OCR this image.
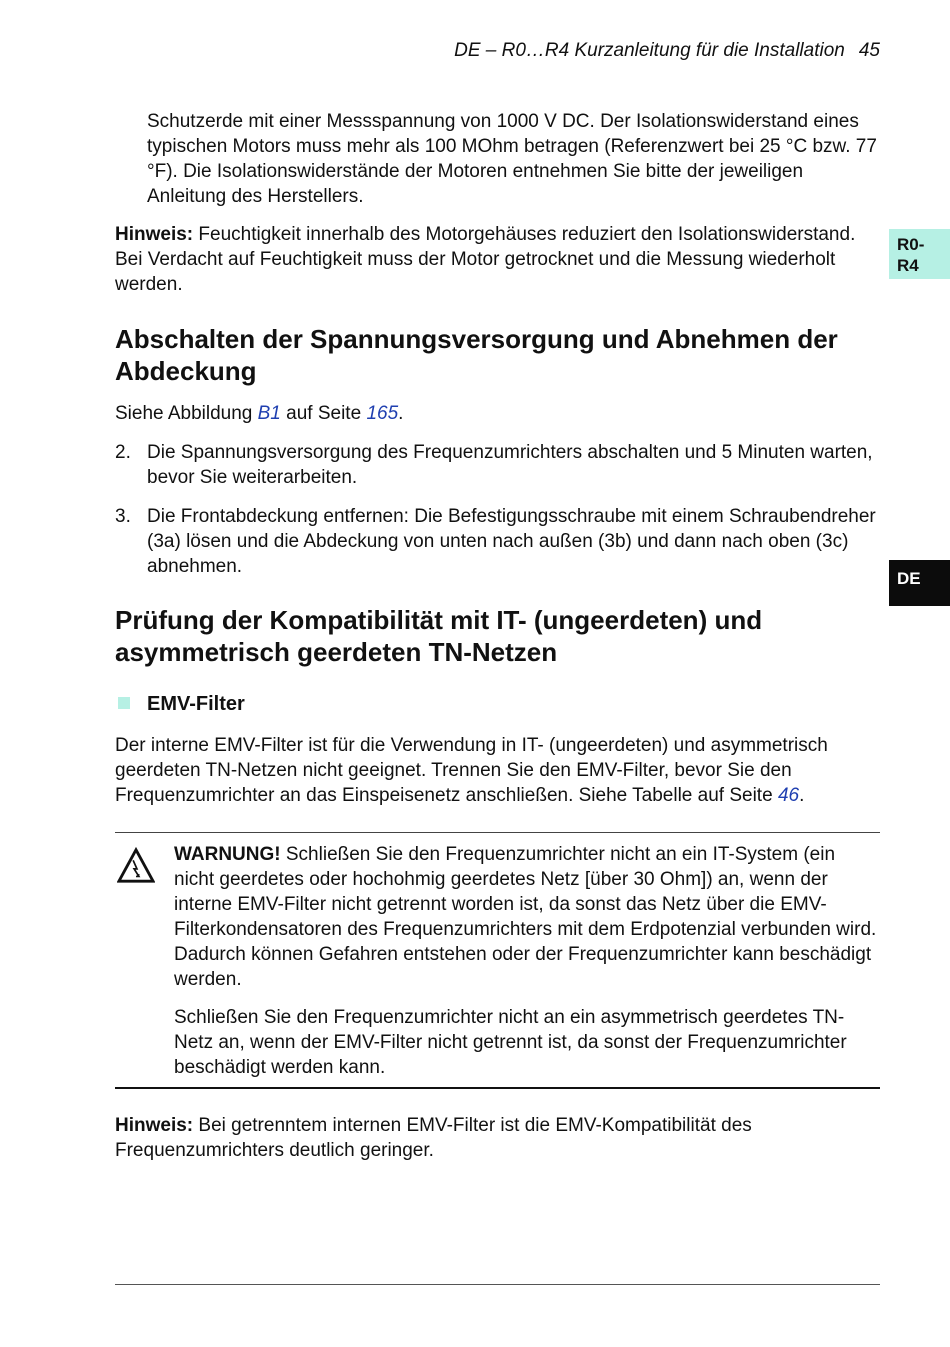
DE – R0…R4 Kurzanleitung für die Installation 45
R0-
R4
DE

Schutzerde mit einer Messspannung von 1000 V DC. Der Isolationswiderstand eines typischen Motors muss mehr als 100 MOhm betragen (Referenzwert bei 25 °C bzw. 77 °F). Die Isolationswiderstände der Motoren entnehmen Sie bitte der jeweiligen Anleitung des Herstellers.

Hinweis: Feuchtigkeit innerhalb des Motorgehäuses reduziert den Isolationswiderstand. Bei Verdacht auf Feuchtigkeit muss der Motor getrocknet und die Messung wiederholt werden.

Abschalten der Spannungsversorgung und Abnehmen der Abdeckung

Siehe Abbildung B1 auf Seite 165.

2. Die Spannungsversorgung des Frequenzumrichters abschalten und 5 Minuten warten, bevor Sie weiterarbeiten.
3. Die Frontabdeckung entfernen: Die Befestigungsschraube mit einem Schraubendreher (3a) lösen und die Abdeckung von unten nach außen (3b) und dann nach oben (3c) abnehmen.
Prüfung der Kompatibilität mit IT- (ungeerdeten) und asymmetrisch geerdeten TN-Netzen
EMV-Filter

Der interne EMV-Filter ist für die Verwendung in IT- (ungeerdeten) und asymmetrisch geerdeten TN-Netzen nicht geeignet. Trennen Sie den EMV-Filter, bevor Sie den Frequenzumrichter an das Einspeisenetz anschließen. Siehe Tabelle auf Seite 46.

WARNUNG! Schließen Sie den Frequenzumrichter nicht an ein IT-System (ein nicht geerdetes oder hochohmig geerdetes Netz [über 30 Ohm]) an, wenn der interne EMV-Filter nicht getrennt worden ist, da sonst das Netz über die EMV-Filterkondensatoren des Frequenzumrichters mit dem Erdpotenzial verbunden wird. Dadurch können Gefahren entstehen oder der Frequenzumrichter kann beschädigt werden.

Schließen Sie den Frequenzumrichter nicht an ein asymmetrisch geerdetes TN-Netz an, wenn der EMV-Filter nicht getrennt ist, da sonst der Frequenzumrichter beschädigt werden kann.

Hinweis: Bei getrenntem internen EMV-Filter ist die EMV-Kompatibilität des Frequenzumrichters deutlich geringer.
